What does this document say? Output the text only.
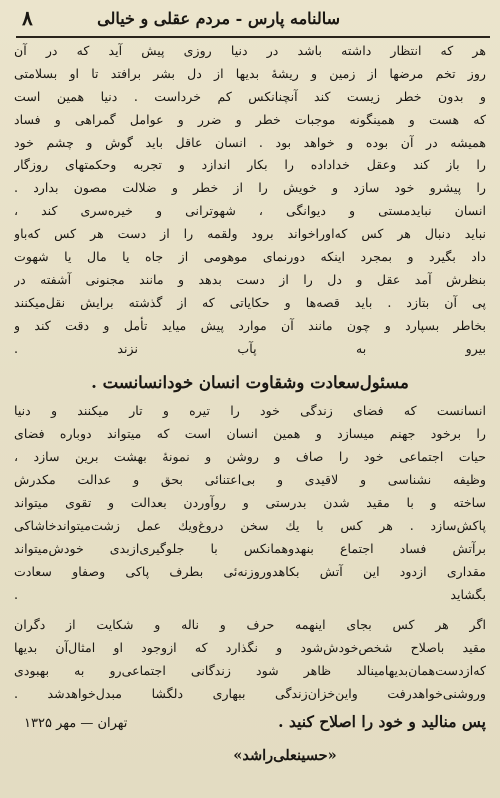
سالنامه پارس - مردم عقلی و خیالی
۸
هر که انتظار داشته باشد در دنیا روزی پیش آید که در آن
روز تخم مرضها از زمین و ریشهٔ بدیها از دل بشر برافتد تا او بسلامتی
و بدون خطر زیست کند آنچنانکس کم خرداست . دنیا همین است
که هست و همینگونه موجبات خطر و ضرر و عوامل گمراهی و فساد
همیشه در آن بوده و خواهد بود . انسان عاقل باید گوش و چشم خود
را باز کند وعقل خداداده را بکار اندازد و تجربه وحکمتهای روزگار
را پیشرو خود سازد و خویش را از خطر و ضلالت مصون بدارد .
انسان نبایدمستی و دیوانگی ، شهوترانی و خیره‌سری کند ،
نباید دنبال هر کس که‌اوراخواند برود ولقمه را از دست هر کس که‌باو
داد بگیرد و بمجرد اینکه دورنمای موهومی از جاه یا مال یا شهوت
بنظرش آمد عقل و دل را از دست بدهد و مانند مجنونی آشفته در
پی آن بتازد . باید قصه‌ها و حکایاتی که از گذشته برایش نقل‌میکنند
بخاطر بسپارد و چون مانند آن موارد پیش میاید تأمل و دقت کند و
بیرو به پآب نزند .
مسئول‌سعادت وشقاوت انسان خودانسانست .
انسانست که فضای زندگی خود را تیره و تار میکنند و دنیا
را برخود جهنم میسازد و همین انسان است که میتواند دوباره فضای
حیات اجتماعی خود را صاف و روشن و نمونهٔ بهشت برین سازد ،
وظیفه نشناسی و لاقیدی و بی‌اعتنائی بحق و عدالت مکدرش
ساخته و با مقید شدن بدرستی و روآوردن بعدالت و تقوی میتواند
پاکش‌سازد . هر کس با یك سخن دروغ‌ویك عمل زشت‌میتواندخاشاکی
برآتش فساد اجتماع بنهدوهمانکس با جلوگیری‌ازبدی خودش‌میتواند
مقداری ازدود این آتش بکاهدوروزنه‌ئی بطرف پاکی وصفاو سعادت
بگشاید .
اگر هر کس بجای اینهمه حرف و ناله و شکایت از دگران
مقید باصلاح شخص‌خودش‌شود و نگذارد که ازوجود او امثال‌آن بدیها
که‌ازدست‌همان‌بدیهامینالد ظاهر شود زندگانی اجتماعی‌رو به بهبودی
وروشنی‌خواهدرفت واین‌خزان‌زندگی ببهاری دلگشا مبدل‌خواهدشد .
پس منالید و خود را اصلاح کنید .
تهران — مهر ۱۳۲۵
«حسینعلی‌راشد»
